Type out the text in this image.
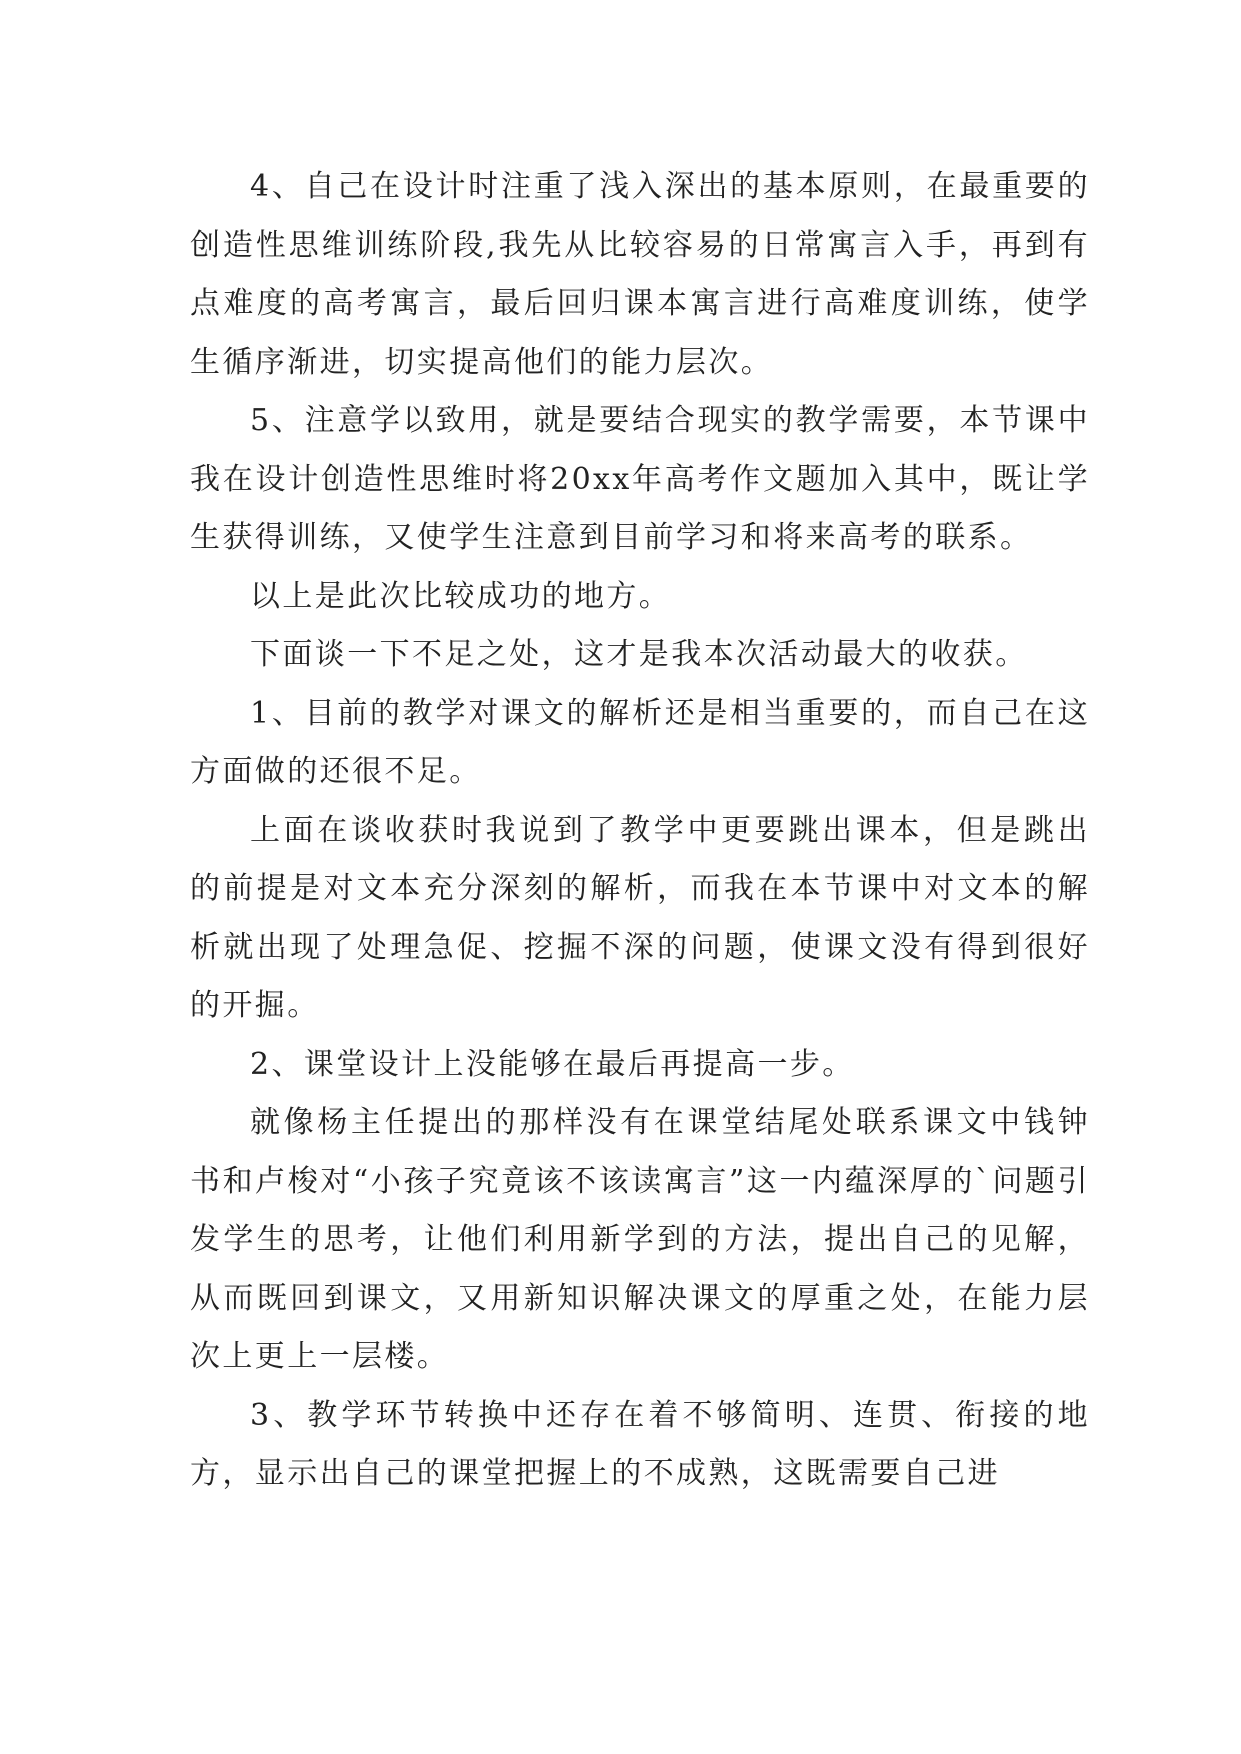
4、自己在设计时注重了浅入深出的基本原则，在最重要的创造性思维训练阶段,我先从比较容易的日常寓言入手，再到有点难度的高考寓言，最后回归课本寓言进行高难度训练，使学生循序渐进，切实提高他们的能力层次。

5、注意学以致用，就是要结合现实的教学需要，本节课中我在设计创造性思维时将20xx年高考作文题加入其中，既让学生获得训练，又使学生注意到目前学习和将来高考的联系。

以上是此次比较成功的地方。

下面谈一下不足之处，这才是我本次活动最大的收获。

1、目前的教学对课文的解析还是相当重要的，而自己在这方面做的还很不足。

上面在谈收获时我说到了教学中更要跳出课本，但是跳出的前提是对文本充分深刻的解析，而我在本节课中对文本的解析就出现了处理急促、挖掘不深的问题，使课文没有得到很好的开掘。

2、课堂设计上没能够在最后再提高一步。

就像杨主任提出的那样没有在课堂结尾处联系课文中钱钟书和卢梭对“小孩子究竟该不该读寓言”这一内蕴深厚的`问题引发学生的思考，让他们利用新学到的方法，提出自己的见解，从而既回到课文，又用新知识解决课文的厚重之处，在能力层次上更上一层楼。

3、教学环节转换中还存在着不够简明、连贯、衔接的地方，显示出自己的课堂把握上的不成熟，这既需要自己进
